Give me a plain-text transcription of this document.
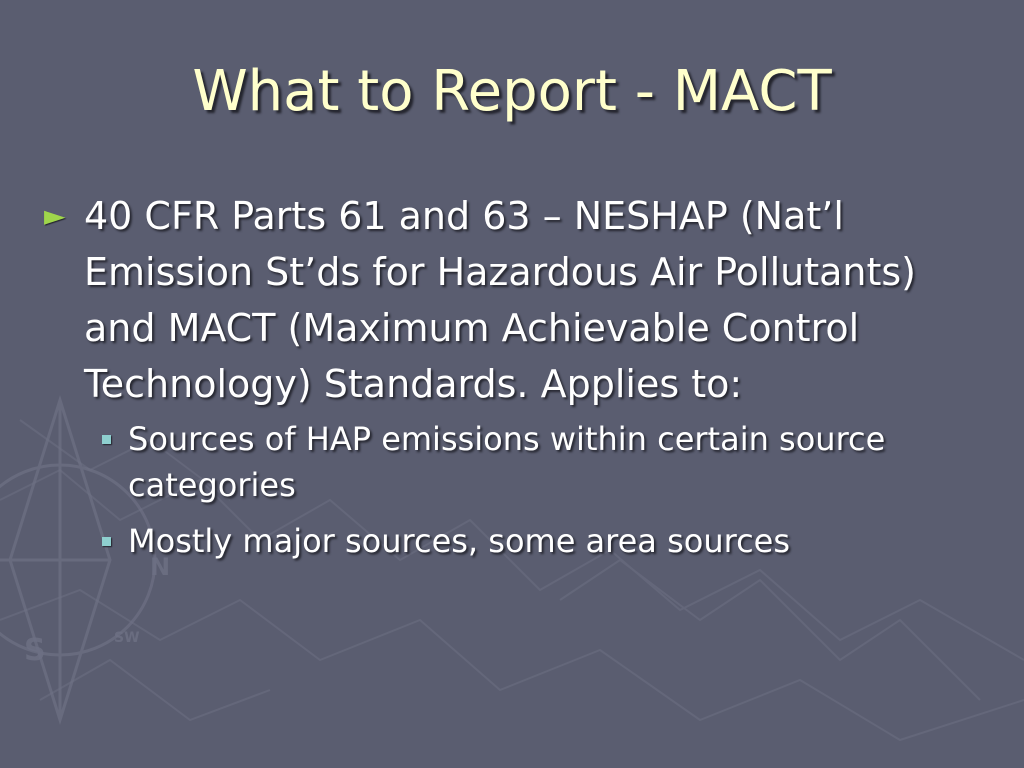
S
N
SW
What to Report - MACT
► 40 CFR Parts 61 and 63 – NESHAP (Nat’l Emission St’ds for Hazardous Air Pollutants) and MACT (Maximum Achievable Control Technology) Standards. Applies to:
Sources of HAP emissions within certain source categories
Mostly major sources, some area sources
